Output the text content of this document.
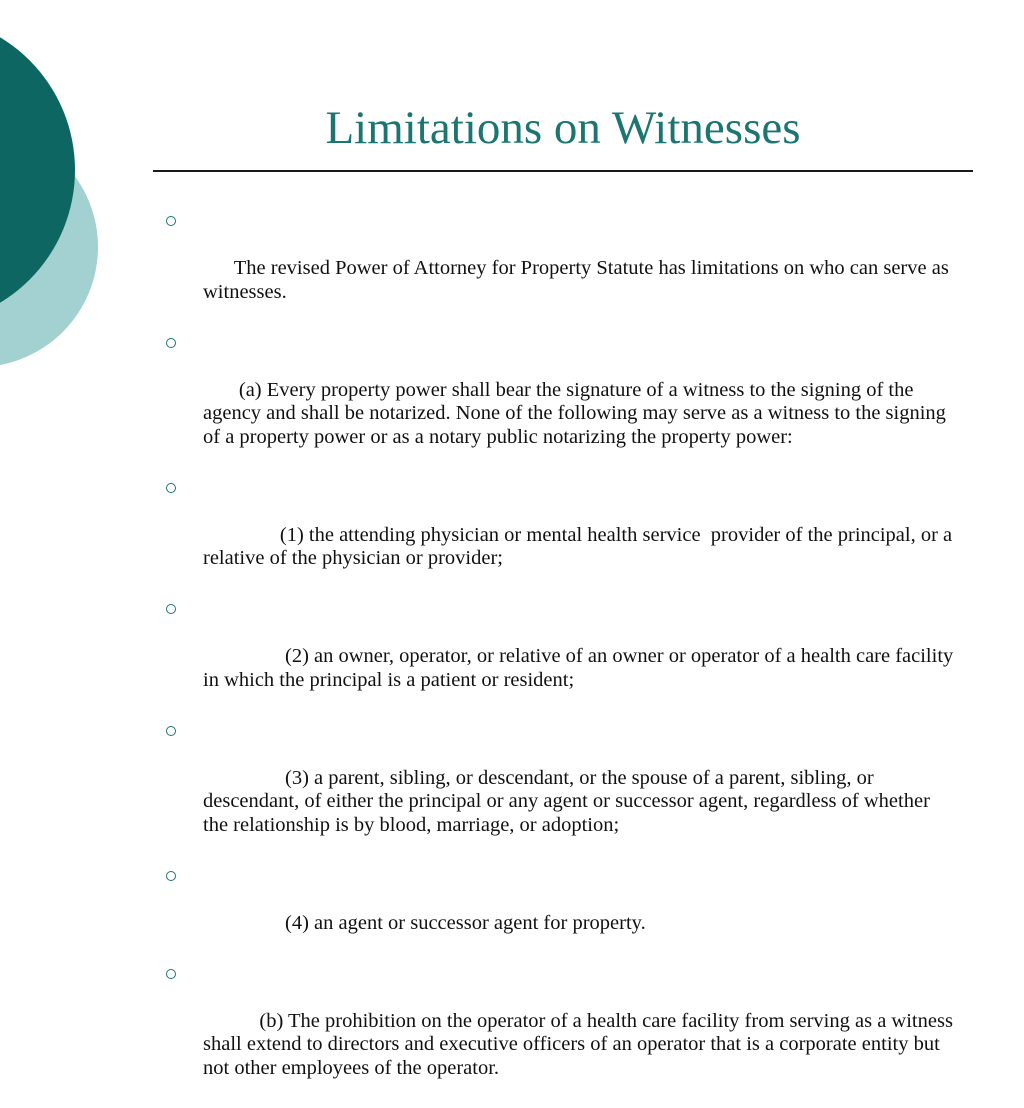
Limitations on Witnesses

The revised Power of Attorney for Property Statute has limitations on who can serve as witnesses.

(a) Every property power shall bear the signature of a witness to the signing of the agency and shall be notarized. None of the following may serve as a witness to the signing of a property power or as a notary public notarizing the property power:

(1) the attending physician or mental health service  provider of the principal, or a relative of the physician or provider;

(2) an owner, operator, or relative of an owner or operator of a health care facility in which the principal is a patient or resident;

(3) a parent, sibling, or descendant, or the spouse of a parent, sibling, or descendant, of either the principal or any agent or successor agent, regardless of whether the relationship is by blood, marriage, or adoption;

(4) an agent or successor agent for property.

(b) The prohibition on the operator of a health care facility from serving as a witness shall extend to directors and executive officers of an operator that is a corporate entity but not other employees of the operator.
